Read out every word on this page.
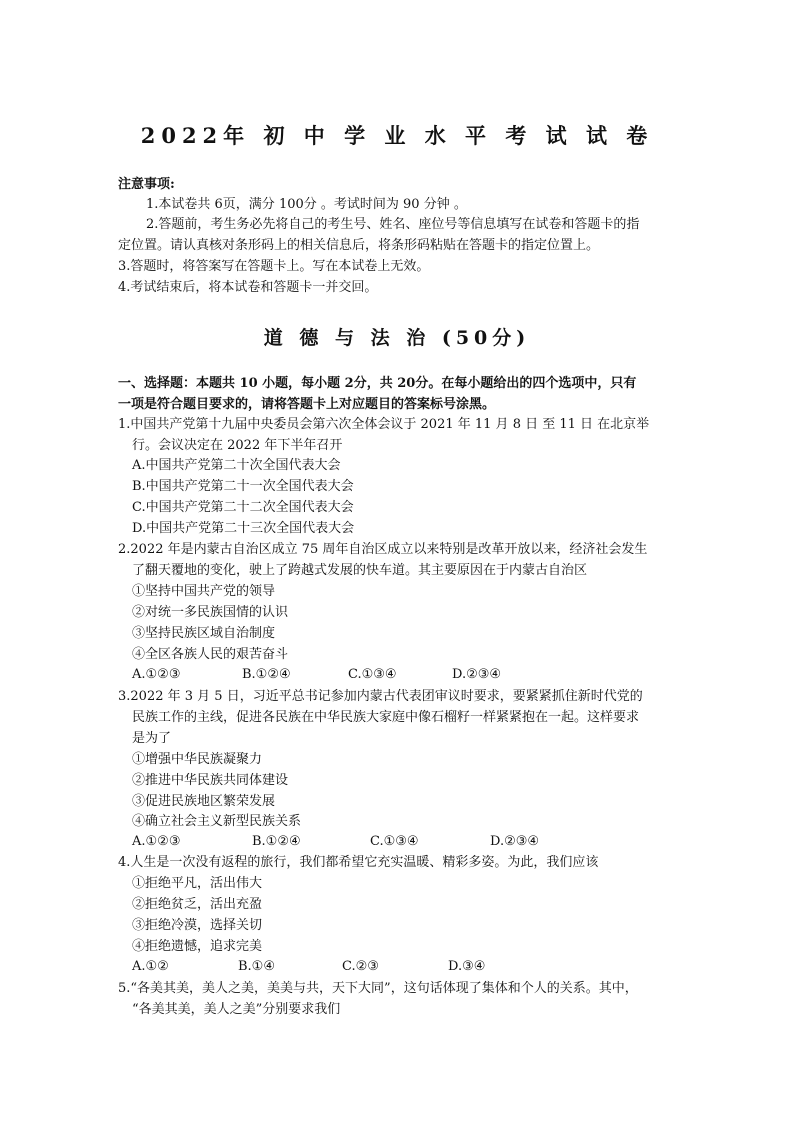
2022年 初 中 学 业 水 平 考 试 试 卷
注意事项:
1.本试卷共 6页，满分 100分 。考试时间为 90 分钟 。
2.答题前，考生务必先将自己的考生号、姓名、座位号等信息填写在试卷和答题卡的指
定位置。请认真核对条形码上的相关信息后，将条形码粘贴在答题卡的指定位置上。
3.答题时，将答案写在答题卡上。写在本试卷上无效。
4.考试结束后，将本试卷和答题卡一并交回。
道 德 与 法 治 (50分)
一、选择题：本题共 10 小题，每小题 2分，共 20分。在每小题给出的四个选项中，只有
一项是符合题目要求的，请将答题卡上对应题目的答案标号涂黑。
1.中国共产党第十九届中央委员会第六次全体会议于 2021 年 11 月 8 日 至 11 日 在北京举
行。会议决定在 2022 年下半年召开
A.中国共产党第二十次全国代表大会
B.中国共产党第二十一次全国代表大会
C.中国共产党第二十二次全国代表大会
D.中国共产党第二十三次全国代表大会
2.2022 年是内蒙古自治区成立 75 周年自治区成立以来特别是改革开放以来，经济社会发生
了翻天覆地的变化，驶上了跨越式发展的快车道。其主要原因在于内蒙古自治区
①坚持中国共产党的领导
②对统一多民族国情的认识
③坚持民族区域自治制度
④全区各族人民的艰苦奋斗
A.①②③	B.①②④	C.①③④	D.②③④
3.2022 年 3 月 5 日，习近平总书记参加内蒙古代表团审议时要求，要紧紧抓住新时代党的
民族工作的主线，促进各民族在中华民族大家庭中像石榴籽一样紧紧抱在一起。这样要求
是为了
①增强中华民族凝聚力
②推进中华民族共同体建设
③促进民族地区繁荣发展
④确立社会主义新型民族关系
A.①②③	B.①②④	C.①③④	D.②③④
4.人生是一次没有返程的旅行，我们都希望它充实温暖、精彩多姿。为此，我们应该
①拒绝平凡，活出伟大
②拒绝贫乏，活出充盈
③拒绝冷漠，选择关切
④拒绝遗憾，追求完美
A.①②	B.①④	C.②③	D.③④
5.“各美其美，美人之美，美美与共，天下大同”，这句话体现了集体和个人的关系。其中，
“各美其美，美人之美”分别要求我们
